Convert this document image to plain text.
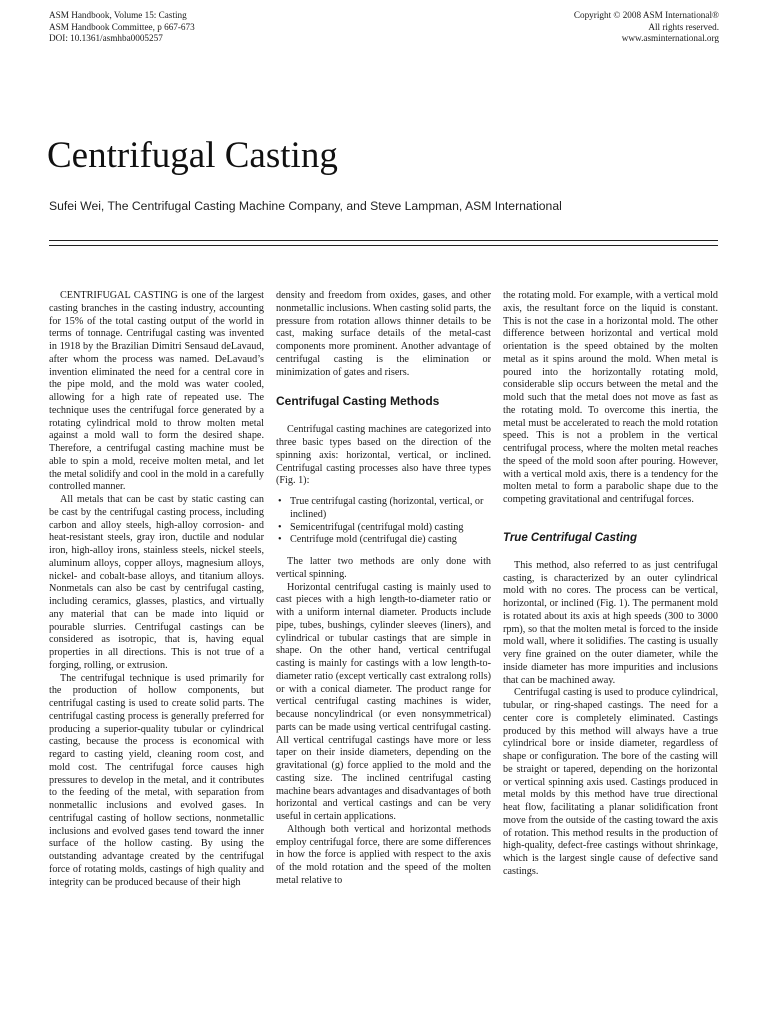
ASM Handbook, Volume 15: Casting
ASM Handbook Committee, p 667-673
DOI: 10.1361/asmhba0005257
Copyright © 2008 ASM International®
All rights reserved.
www.asminternational.org
Centrifugal Casting
Sufei Wei, The Centrifugal Casting Machine Company, and Steve Lampman, ASM International

CENTRIFUGAL CASTING is one of the largest casting branches in the casting industry, accounting for 15% of the total casting output of the world in terms of tonnage. Centrifugal casting was invented in 1918 by the Brazilian Dimitri Sensaud deLavaud, after whom the process was named. DeLavaud’s invention eliminated the need for a central core in the pipe mold, and the mold was water cooled, allowing for a high rate of repeated use. The technique uses the centrifugal force generated by a rotating cylindrical mold to throw molten metal against a mold wall to form the desired shape. Therefore, a centrifugal casting machine must be able to spin a mold, receive molten metal, and let the metal solidify and cool in the mold in a carefully controlled manner.

All metals that can be cast by static casting can be cast by the centrifugal casting process, including carbon and alloy steels, high-alloy corrosion- and heat-resistant steels, gray iron, ductile and nodular iron, high-alloy irons, stainless steels, nickel steels, aluminum alloys, copper alloys, magnesium alloys, nickel- and cobalt-base alloys, and titanium alloys. Nonmetals can also be cast by centrifugal casting, including ceramics, glasses, plastics, and virtually any material that can be made into liquid or pourable slurries. Centrifugal castings can be considered as isotropic, that is, having equal properties in all directions. This is not true of a forging, rolling, or extrusion.

The centrifugal technique is used primarily for the production of hollow components, but centrifugal casting is used to create solid parts. The centrifugal casting process is generally preferred for producing a superior-quality tubular or cylindrical casting, because the process is economical with regard to casting yield, cleaning room cost, and mold cost. The centrifugal force causes high pressures to develop in the metal, and it contributes to the feeding of the metal, with separation from nonmetallic inclusions and evolved gases. In centrifugal casting of hollow sections, nonmetallic inclusions and evolved gases tend toward the inner surface of the hollow casting. By using the outstanding advantage created by the centrifugal force of rotating molds, castings of high quality and integrity can be produced because of their high

density and freedom from oxides, gases, and other nonmetallic inclusions. When casting solid parts, the pressure from rotation allows thinner details to be cast, making surface details of the metal-cast components more prominent. Another advantage of centrifugal casting is the elimination or minimization of gates and risers.

Centrifugal Casting Methods

Centrifugal casting machines are categorized into three basic types based on the direction of the spinning axis: horizontal, vertical, or inclined. Centrifugal casting processes also have three types (Fig. 1):

• True centrifugal casting (horizontal, vertical, or inclined)
• Semicentrifugal (centrifugal mold) casting
• Centrifuge mold (centrifugal die) casting

The latter two methods are only done with vertical spinning.

Horizontal centrifugal casting is mainly used to cast pieces with a high length-to-diameter ratio or with a uniform internal diameter. Products include pipe, tubes, bushings, cylinder sleeves (liners), and cylindrical or tubular castings that are simple in shape. On the other hand, vertical centrifugal casting is mainly for castings with a low length-to-diameter ratio (except vertically cast extralong rolls) or with a conical diameter. The product range for vertical centrifugal casting machines is wider, because noncylindrical (or even nonsymmetrical) parts can be made using vertical centrifugal casting. All vertical centrifugal castings have more or less taper on their inside diameters, depending on the gravitational (g) force applied to the mold and the casting size. The inclined centrifugal casting machine bears advantages and disadvantages of both horizontal and vertical castings and can be very useful in certain applications.

Although both vertical and horizontal methods employ centrifugal force, there are some differences in how the force is applied with respect to the axis of the mold rotation and the speed of the molten metal relative to

the rotating mold. For example, with a vertical mold axis, the resultant force on the liquid is constant. This is not the case in a horizontal mold. The other difference between horizontal and vertical mold orientation is the speed obtained by the molten metal as it spins around the mold. When metal is poured into the horizontally rotating mold, considerable slip occurs between the metal and the mold such that the metal does not move as fast as the rotating mold. To overcome this inertia, the metal must be accelerated to reach the mold rotation speed. This is not a problem in the vertical centrifugal process, where the molten metal reaches the speed of the mold soon after pouring. However, with a vertical mold axis, there is a tendency for the molten metal to form a parabolic shape due to the competing gravitational and centrifugal forces.

True Centrifugal Casting

This method, also referred to as just centrifugal casting, is characterized by an outer cylindrical mold with no cores. The process can be vertical, horizontal, or inclined (Fig. 1). The permanent mold is rotated about its axis at high speeds (300 to 3000 rpm), so that the molten metal is forced to the inside mold wall, where it solidifies. The casting is usually very fine grained on the outer diameter, while the inside diameter has more impurities and inclusions that can be machined away.

Centrifugal casting is used to produce cylindrical, tubular, or ring-shaped castings. The need for a center core is completely eliminated. Castings produced by this method will always have a true cylindrical bore or inside diameter, regardless of shape or configuration. The bore of the casting will be straight or tapered, depending on the horizontal or vertical spinning axis used. Castings produced in metal molds by this method have true directional heat flow, facilitating a planar solidification front move from the outside of the casting toward the axis of rotation. This method results in the production of high-quality, defect-free castings without shrinkage, which is the largest single cause of defective sand castings.
